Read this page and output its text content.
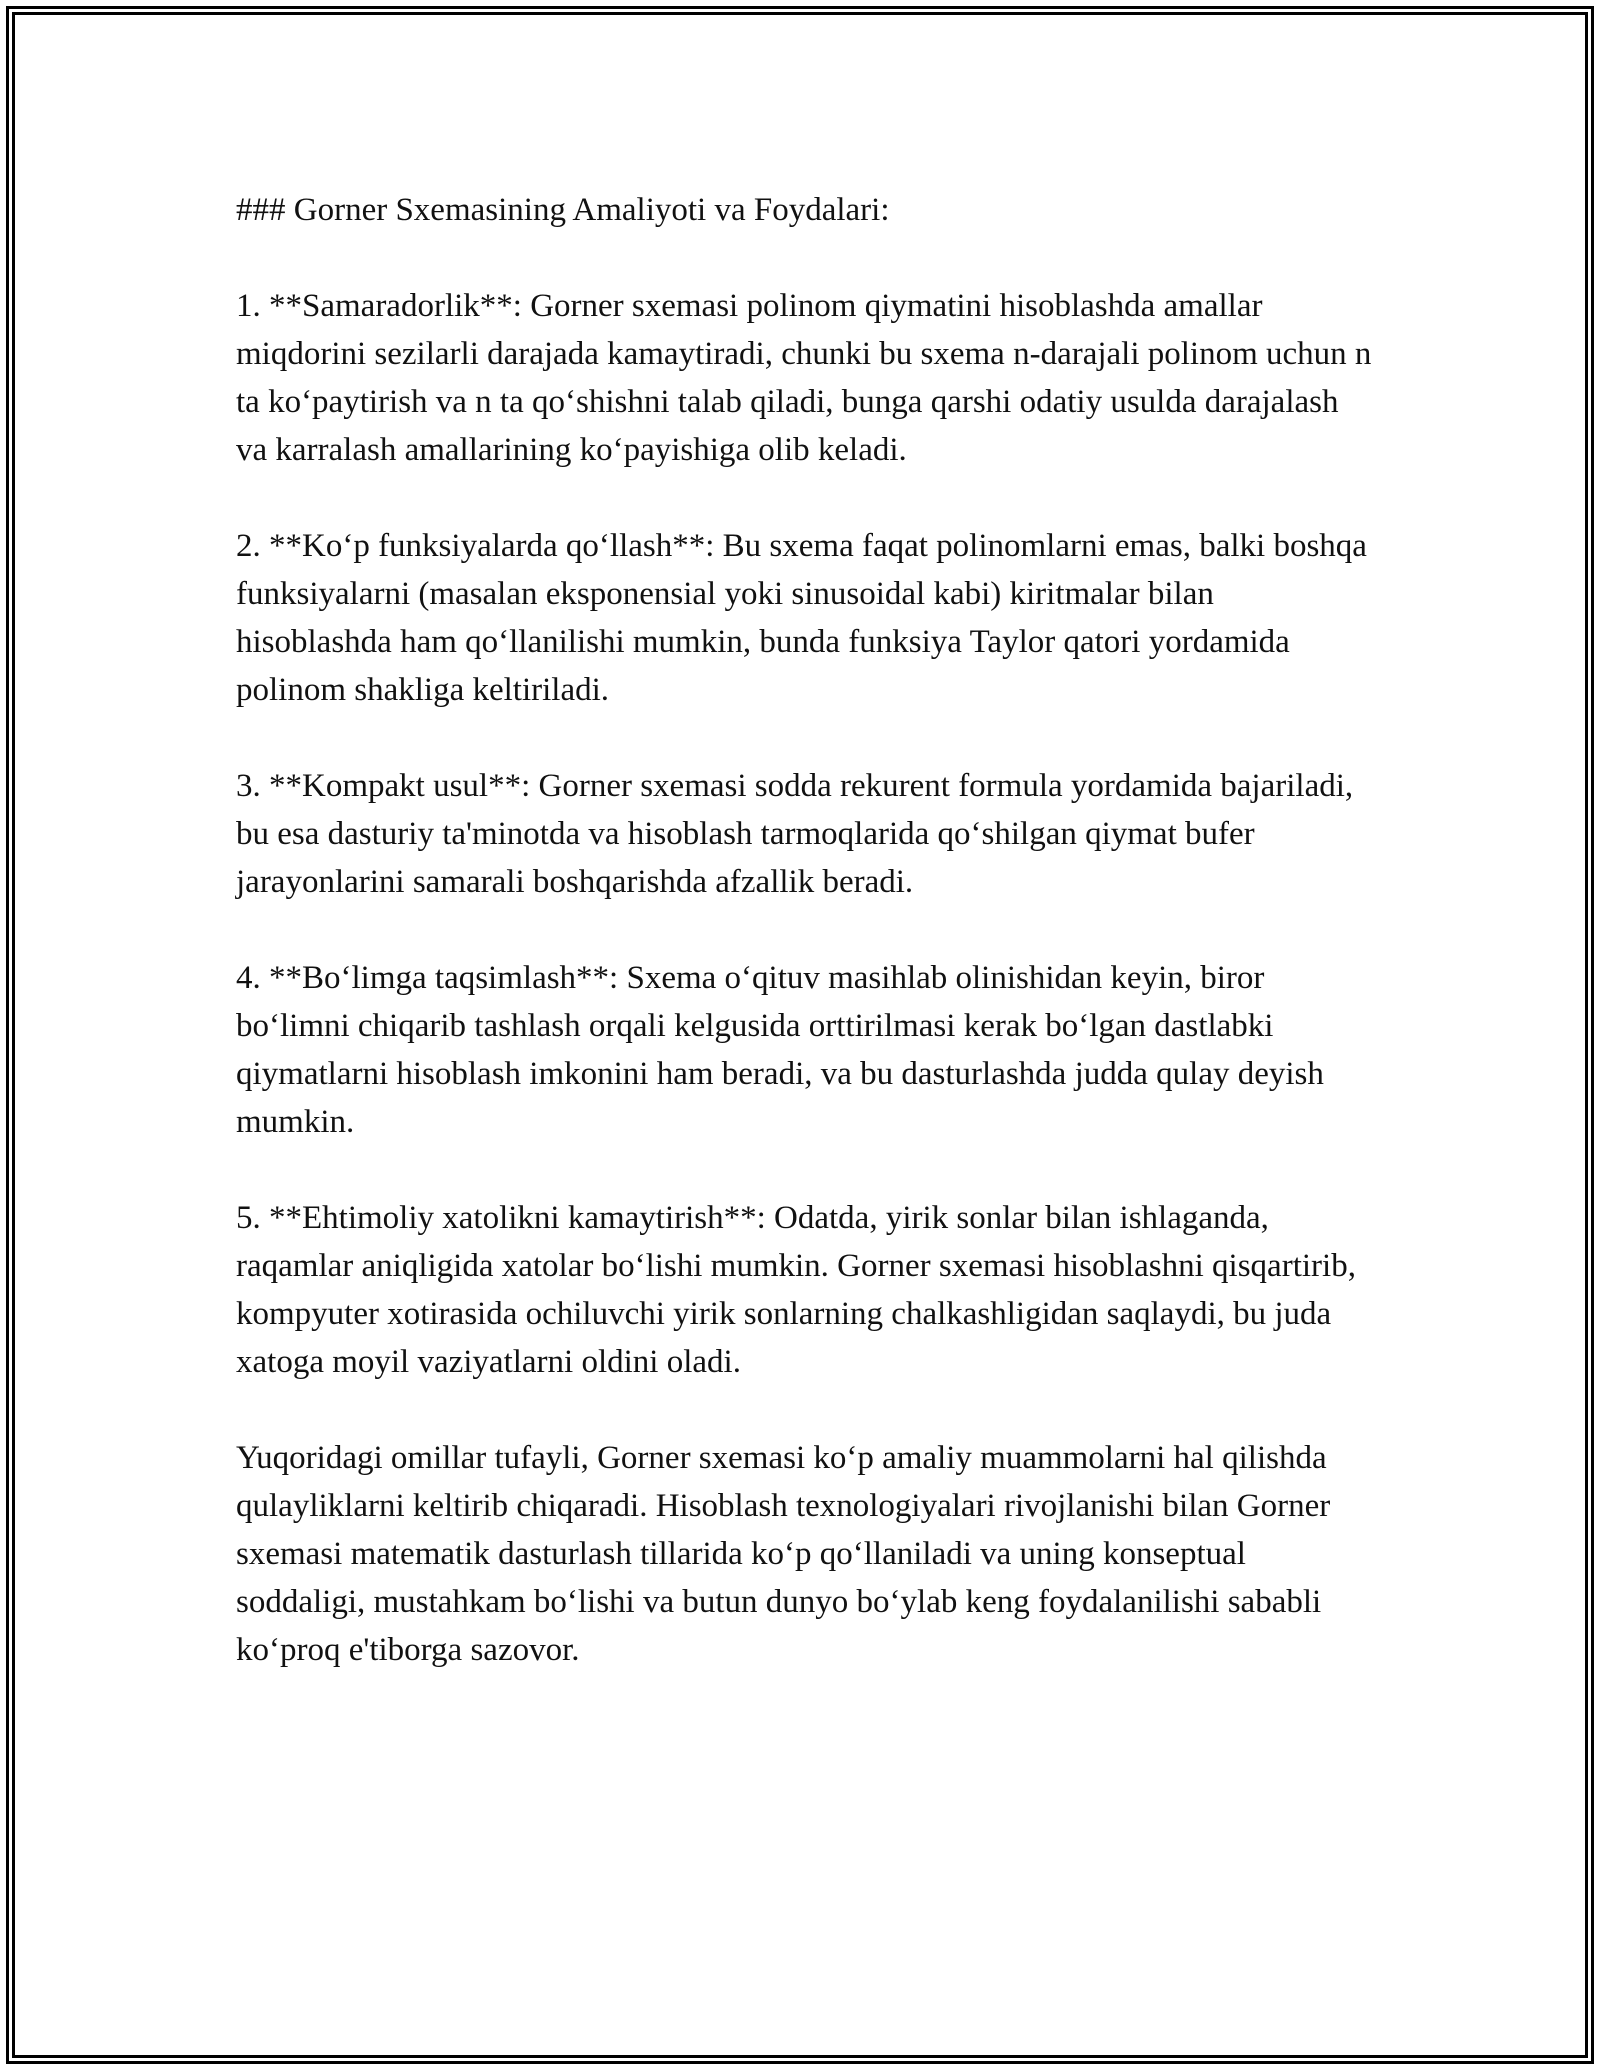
### Gorner Sxemasining Amaliyoti va Foydalari:
1. **Samaradorlik**: Gorner sxemasi polinom qiymatini hisoblashda amallar miqdorini sezilarli darajada kamaytiradi, chunki bu sxema n-darajali polinom uchun n ta koʻpaytirish va n ta qoʻshishni talab qiladi, bunga qarshi odatiy usulda darajalash va karralash amallarining koʻpayishiga olib keladi.
2. **Koʻp funksiyalarda qoʻllash**: Bu sxema faqat polinomlarni emas, balki boshqa funksiyalarni (masalan eksponensial yoki sinusoidal kabi) kiritmalar bilan hisoblashda ham qoʻllanilishi mumkin, bunda funksiya Taylor qatori yordamida polinom shakliga keltiriladi.
3. **Kompakt usul**: Gorner sxemasi sodda rekurent formula yordamida bajariladi, bu esa dasturiy ta'minotda va hisoblash tarmoqlarida qoʻshilgan qiymat bufer jarayonlarini samarali boshqarishda afzallik beradi.
4. **Boʻlimga taqsimlash**: Sxema oʻqituv masihlab olinishidan keyin, biror boʻlimni chiqarib tashlash orqali kelgusida orttirilmasi kerak boʻlgan dastlabki qiymatlarni hisoblash imkonini ham beradi, va bu dasturlashda judda qulay deyish mumkin.
5. **Ehtimoliy xatolikni kamaytirish**: Odatda, yirik sonlar bilan ishlaganda, raqamlar aniqligida xatolar boʻlishi mumkin. Gorner sxemasi hisoblashni qisqartirib, kompyuter xotirasida ochiluvchi yirik sonlarning chalkashligidan saqlaydi, bu juda xatoga moyil vaziyatlarni oldini oladi.
Yuqoridagi omillar tufayli, Gorner sxemasi koʻp amaliy muammolarni hal qilishda qulayliklarni keltirib chiqaradi. Hisoblash texnologiyalari rivojlanishi bilan Gorner sxemasi matematik dasturlash tillarida koʻp qoʻllaniladi va uning konseptual soddaligi, mustahkam boʻlishi va butun dunyo boʻylab keng foydalanilishi sababli koʻproq e'tiborga sazovor.
